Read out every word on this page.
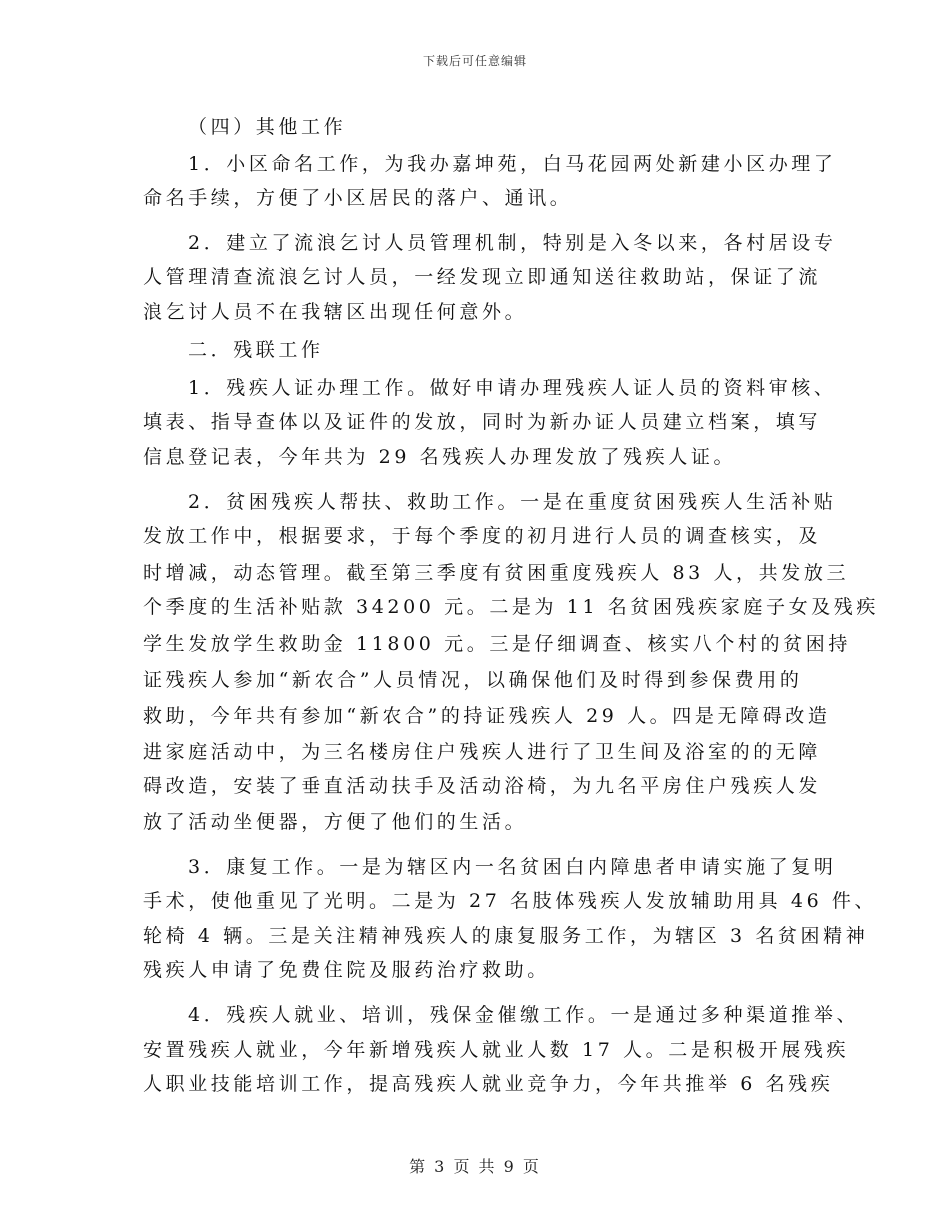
下载后可任意编辑
（四）其他工作
1．小区命名工作，为我办嘉坤苑，白马花园两处新建小区办理了
命名手续，方便了小区居民的落户、通讯。
2．建立了流浪乞讨人员管理机制，特别是入冬以来，各村居设专
人管理清查流浪乞讨人员，一经发现立即通知送往救助站，保证了流
浪乞讨人员不在我辖区出现任何意外。
二．残联工作
1．残疾人证办理工作。做好申请办理残疾人证人员的资料审核、
填表、指导查体以及证件的发放，同时为新办证人员建立档案，填写
信息登记表，今年共为 29 名残疾人办理发放了残疾人证。
2．贫困残疾人帮扶、救助工作。一是在重度贫困残疾人生活补贴
发放工作中，根据要求，于每个季度的初月进行人员的调查核实，及
时增减，动态管理。截至第三季度有贫困重度残疾人 83 人，共发放三
个季度的生活补贴款 34200 元。二是为 11 名贫困残疾家庭子女及残疾
学生发放学生救助金 11800 元。三是仔细调查、核实八个村的贫困持
证残疾人参加“新农合”人员情况，以确保他们及时得到参保费用的
救助，今年共有参加“新农合”的持证残疾人 29 人。四是无障碍改造
进家庭活动中，为三名楼房住户残疾人进行了卫生间及浴室的的无障
碍改造，安装了垂直活动扶手及活动浴椅，为九名平房住户残疾人发
放了活动坐便器，方便了他们的生活。
3．康复工作。一是为辖区内一名贫困白内障患者申请实施了复明
手术，使他重见了光明。二是为 27 名肢体残疾人发放辅助用具 46 件、
轮椅 4 辆。三是关注精神残疾人的康复服务工作，为辖区 3 名贫困精神
残疾人申请了免费住院及服药治疗救助。
4．残疾人就业、培训，残保金催缴工作。一是通过多种渠道推举、
安置残疾人就业，今年新增残疾人就业人数 17 人。二是积极开展残疾
人职业技能培训工作，提高残疾人就业竞争力，今年共推举 6 名残疾
第 3 页 共 9 页
